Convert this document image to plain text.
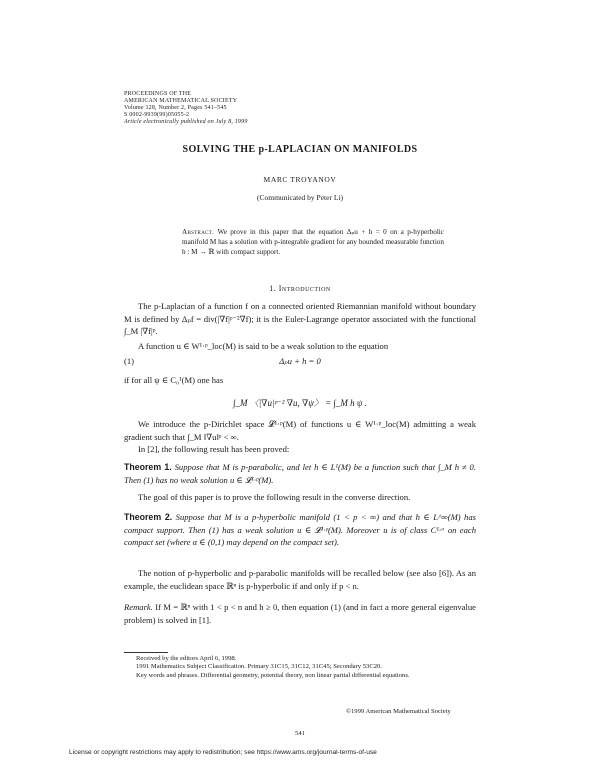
PROCEEDINGS OF THE
AMERICAN MATHEMATICAL SOCIETY
Volume 128, Number 2, Pages 541–545
S 0002-9939(99)05055-2
Article electronically published on July 8, 1999
SOLVING THE p-LAPLACIAN ON MANIFOLDS
MARC TROYANOV
(Communicated by Peter Li)
Abstract. We prove in this paper that the equation Δₚu + h = 0 on a p-hyperbolic manifold M has a solution with p-integrable gradient for any bounded measurable function h : M → ℝ with compact support.
1. Introduction
The p-Laplacian of a function f on a connected oriented Riemannian manifold without boundary M is defined by Δₚf = div(|∇f|ᵖ⁻²∇f); it is the Euler-Lagrange operator associated with the functional ∫_M |∇f|ᵖ.
A function u ∈ W¹·ᵖ_loc(M) is said to be a weak solution to the equation
(1)	Δₚu + h = 0
if for all ψ ∈ C₀¹(M) one has
∫_M 〈|∇u|ᵖ⁻² ∇u, ∇ψ〉 = ∫_M h ψ .
We introduce the p-Dirichlet space 𝓛¹·ᵖ(M) of functions u ∈ W¹·ᵖ_loc(M) admitting a weak gradient such that ∫_M ‖∇u‖ᵖ < ∞.
In [2], the following result has been proved:
Theorem 1. Suppose that M is p-parabolic, and let h ∈ L¹(M) be a function such that ∫_M h ≠ 0. Then (1) has no weak solution u ∈ 𝓛¹·ᵖ(M).
The goal of this paper is to prove the following result in the converse direction.
Theorem 2. Suppose that M is a p-hyperbolic manifold (1 < p < ∞) and that h ∈ L^∞(M) has compact support. Then (1) has a weak solution u ∈ 𝓛¹·ᵖ(M). Moreover u is of class C¹·ᵅ on each compact set (where α ∈ (0,1) may depend on the compact set).
The notion of p-hyperbolic and p-parabolic manifolds will be recalled below (see also [6]). As an example, the euclidean space ℝⁿ is p-hyperbolic if and only if p < n.
Remark. If M = ℝⁿ with 1 < p < n and h ≥ 0, then equation (1) (and in fact a more general eigenvalue problem) is solved in [1].
Received by the editors April 6, 1998.
1991 Mathematics Subject Classification. Primary 31C15, 31C12, 31C45; Secondary 53C20.
Key words and phrases. Differential geometry, potential theory, non linear partial differential equations.
©1999 American Mathematical Society
541
License or copyright restrictions may apply to redistribution; see https://www.ams.org/journal-terms-of-use
